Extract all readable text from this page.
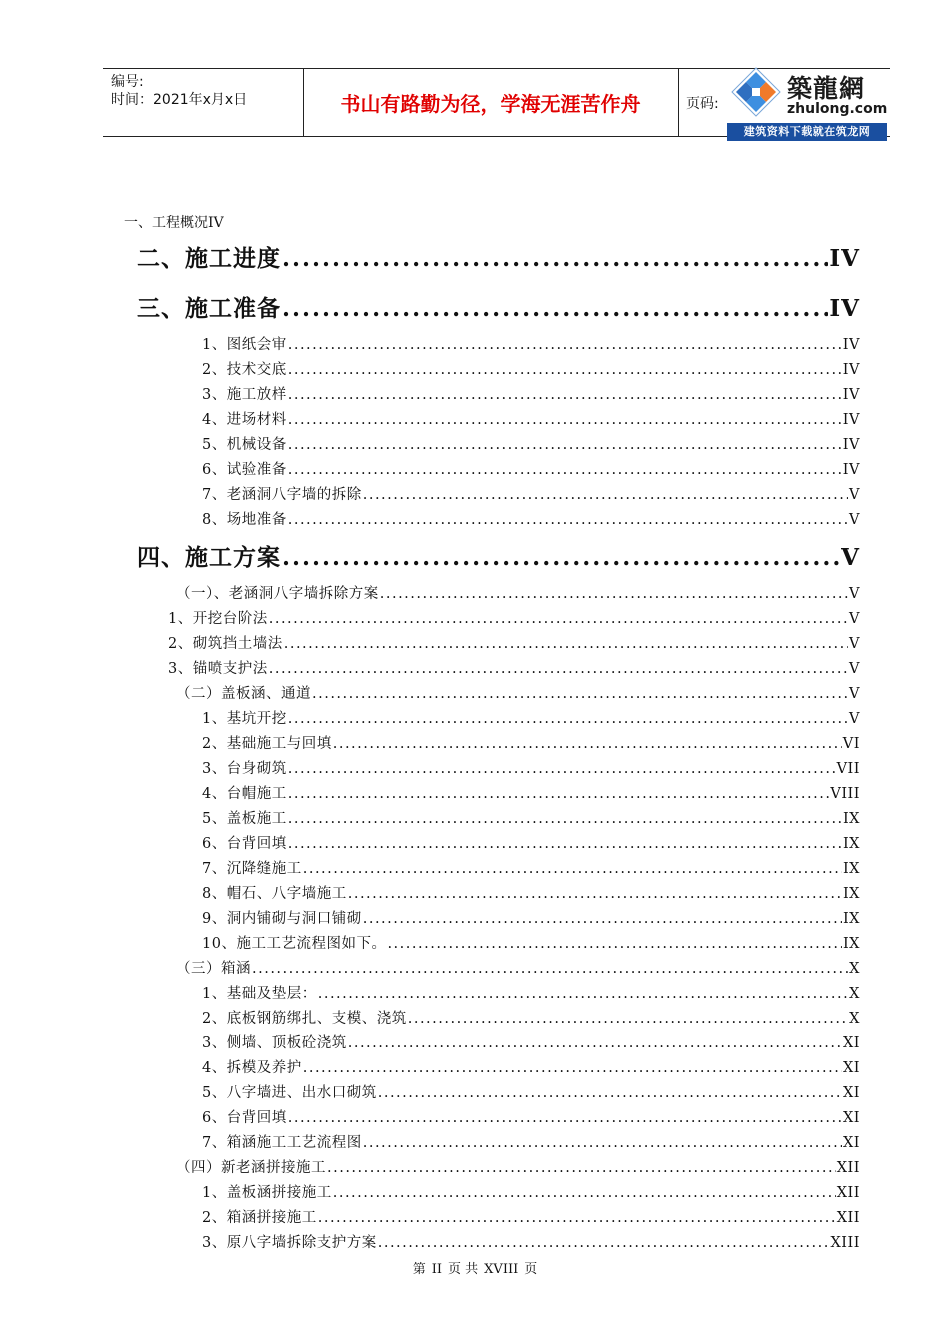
编号:
时间：2021年x月x日	书山有路勤为径，学海无涯苦作舟	页码:
築龍網
zhulong.com
建筑资料下载就在筑龙网
一、工程概况IV
二、施工进度 .....	IV
三、施工准备 .....	IV
1、图纸会审 .....	IV
2、技术交底 .....	IV
3、施工放样 .....	IV
4、进场材料 .....	IV
5、机械设备 .....	IV
6、试验准备 .....	IV
7、老涵洞八字墙的拆除 .....	V
8、场地准备 .....	V
四、施工方案 .....	V
（一）、老涵洞八字墙拆除方案 .....	V
1、开挖台阶法 .....	V
2、砌筑挡土墙法 .....	V
3、锚喷支护法 .....	V
（二）盖板涵、通道 .....	V
1、基坑开挖 .....	V
2、基础施工与回填 .....	VI
3、台身砌筑 .....	VII
4、台帽施工 .....	VIII
5、盖板施工 .....	IX
6、台背回填 .....	IX
7、沉降缝施工 .....	IX
8、帽石、八字墙施工 .....	IX
9、洞内铺砌与洞口铺砌 .....	IX
10、施工工艺流程图如下。 .....	IX
（三）箱涵 .....	X
1、基础及垫层： .....	X
2、底板钢筋绑扎、支模、浇筑 .....	X
3、侧墙、顶板砼浇筑 .....	XI
4、拆模及养护 .....	XI
5、八字墙进、出水口砌筑 .....	XI
6、台背回填 .....	XI
7、箱涵施工工艺流程图 .....	XI
（四）新老涵拼接施工 .....	XII
1、盖板涵拼接施工 .....	XII
2、箱涵拼接施工 .....	XII
3、原八字墙拆除支护方案 .....	XIII
第 II 页 共 XVIII 页
